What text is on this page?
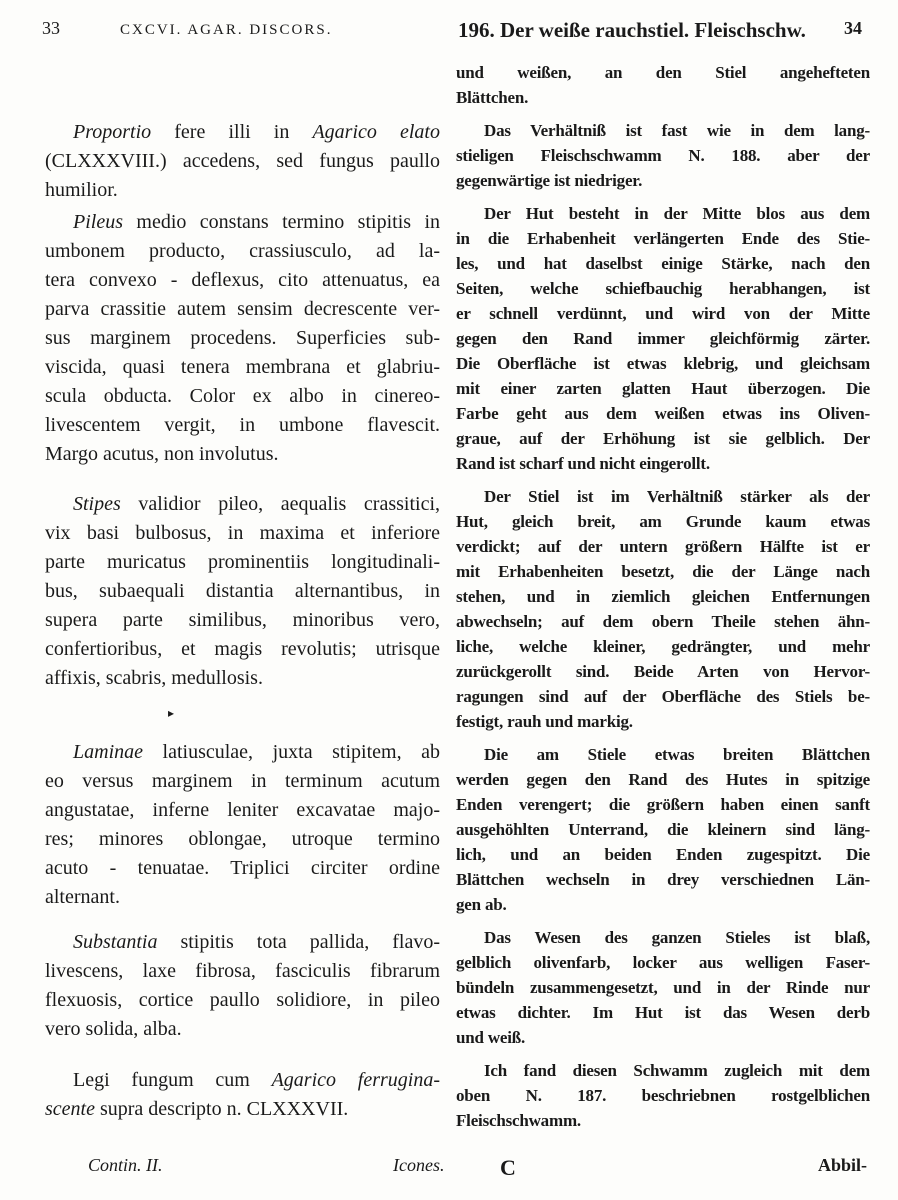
33	CXCVI. AGAR. DISCORS.	196. Der weiße rauchstiel. Fleischschw. 34
Proportio fere illi in Agarico elato
(CLXXXVIII.) accedens, sed fungus paullo
humilior.
Pileus medio constans termino stipitis in
umbonem producto, crassiusculo, ad la-
tera convexo - deflexus, cito attenuatus, ea
parva crassitie autem sensim decrescente ver-
sus marginem procedens. Superficies sub-
viscida, quasi tenera membrana et glabriu-
scula obducta. Color ex albo in cinereo-
livescentem vergit, in umbone flavescit.
Margo acutus, non involutus.
Stipes validior pileo, aequalis crassitici,
vix basi bulbosus, in maxima et inferiore
parte muricatus prominentiis longitudinali-
bus, subaequali distantia alternantibus, in
supera parte similibus, minoribus vero,
confertioribus, et magis revolutis; utrisque
affixis, scabris, medullosis.
Laminae latiusculae, juxta stipitem, ab
eo versus marginem in terminum acutum
angustatae, inferne leniter excavatae majo-
res; minores oblongae, utroque termino
acuto - tenuatae. Triplici circiter ordine
alternant.
Substantia stipitis tota pallida, flavo-
livescens, laxe fibrosa, fasciculis fibrarum
flexuosis, cortice paullo solidiore, in pileo
vero solida, alba.
Legi fungum cum Agarico ferrugina-
scente supra descripto n. CLXXXVII.
und weißen, an den Stiel angehefteten
Blättchen.
Das Verhältniß ist fast wie in dem lang-
stieligen Fleischschwamm N. 188. aber der
gegenwärtige ist niedriger.
Der Hut besteht in der Mitte blos aus dem
in die Erhabenheit verlängerten Ende des Stie-
les, und hat daselbst einige Stärke, nach den
Seiten, welche schiefbauchig herabhangen, ist
er schnell verdünnt, und wird von der Mitte
gegen den Rand immer gleichförmig zärter.
Die Oberfläche ist etwas klebrig, und gleichsam
mit einer zarten glatten Haut überzogen. Die
Farbe geht aus dem weißen etwas ins Oliven-
graue, auf der Erhöhung ist sie gelblich. Der
Rand ist scharf und nicht eingerollt.
Der Stiel ist im Verhältniß stärker als der
Hut, gleich breit, am Grunde kaum etwas
verdickt; auf der untern größern Hälfte ist er
mit Erhabenheiten besetzt, die der Länge nach
stehen, und in ziemlich gleichen Entfernungen
abwechseln; auf dem obern Theile stehen ähn-
liche, welche kleiner, gedrängter, und mehr
zurückgerollt sind. Beide Arten von Hervor-
ragungen sind auf der Oberfläche des Stiels be-
festigt, rauh und markig.
Die am Stiele etwas breiten Blättchen
werden gegen den Rand des Hutes in spitzige
Enden verengert; die größern haben einen sanft
ausgehöhlten Unterrand, die kleinern sind läng-
lich, und an beiden Enden zugespitzt. Die
Blättchen wechseln in drey verschiednen Län-
gen ab.
Das Wesen des ganzen Stieles ist blaß,
gelblich olivenfarb, locker aus welligen Faser-
bündeln zusammengesetzt, und in der Rinde nur
etwas dichter. Im Hut ist das Wesen derb
und weiß.
Ich fand diesen Schwamm zugleich mit dem
oben N. 187. beschriebnen rostgelblichen
Fleischschwamm.
▸
Contin. II.	Icones.	C	Abbil-
